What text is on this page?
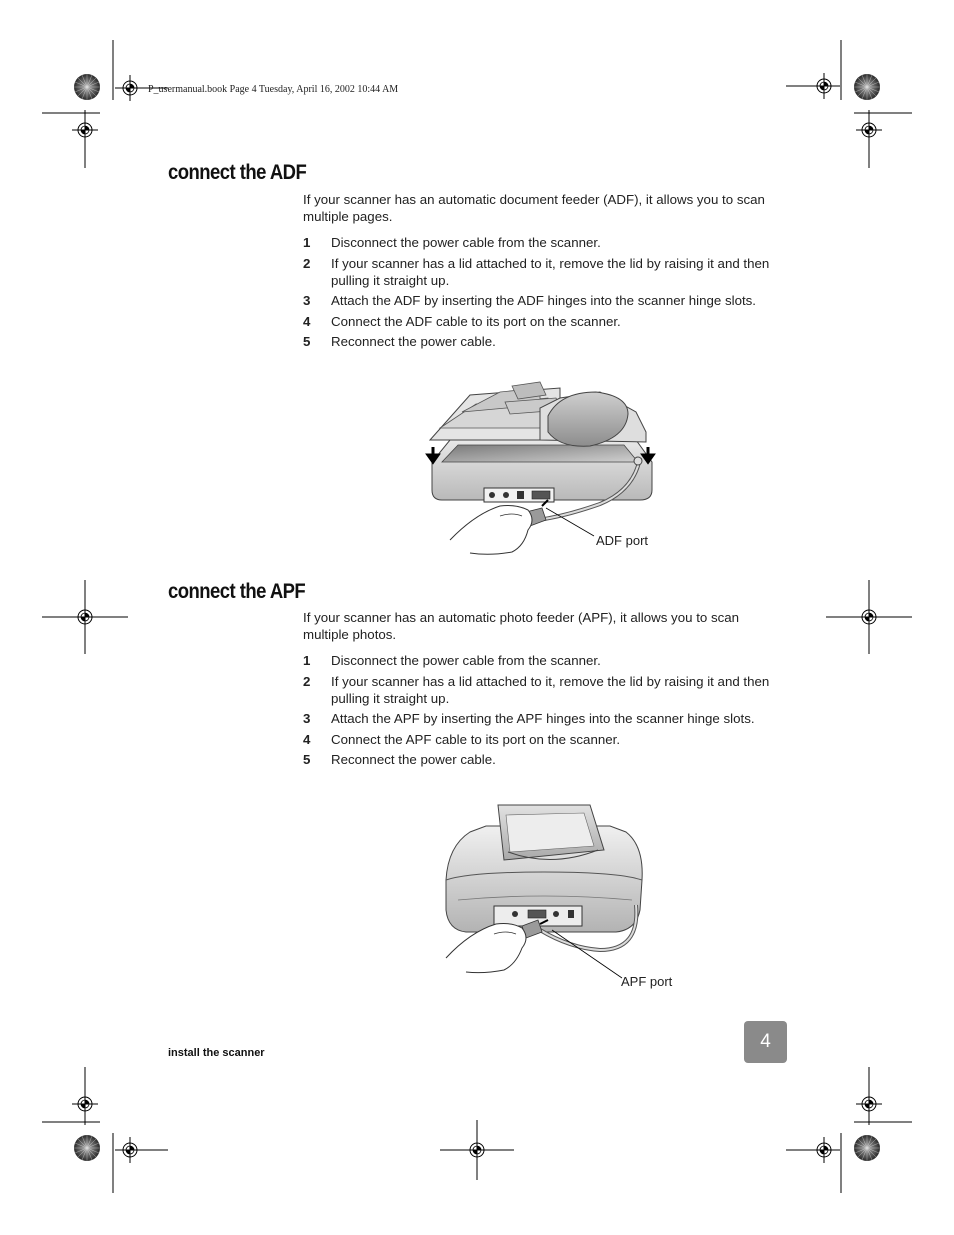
P_usermanual.book Page 4 Tuesday, April 16, 2002 10:44 AM
connect the ADF
If your scanner has an automatic document feeder (ADF), it allows you to scan multiple pages.
1 Disconnect the power cable from the scanner.
2 If your scanner has a lid attached to it, remove the lid by raising it and then pulling it straight up.
3 Attach the ADF by inserting the ADF hinges into the scanner hinge slots.
4 Connect the ADF cable to its port on the scanner.
5 Reconnect the power cable.
ADF port
connect the APF
If your scanner has an automatic photo feeder (APF), it allows you to scan multiple photos.
1 Disconnect the power cable from the scanner.
2 If your scanner has a lid attached to it, remove the lid by raising it and then pulling it straight up.
3 Attach the APF by inserting the APF hinges into the scanner hinge slots.
4 Connect the APF cable to its port on the scanner.
5 Reconnect the power cable.
APF port
install the scanner
4
